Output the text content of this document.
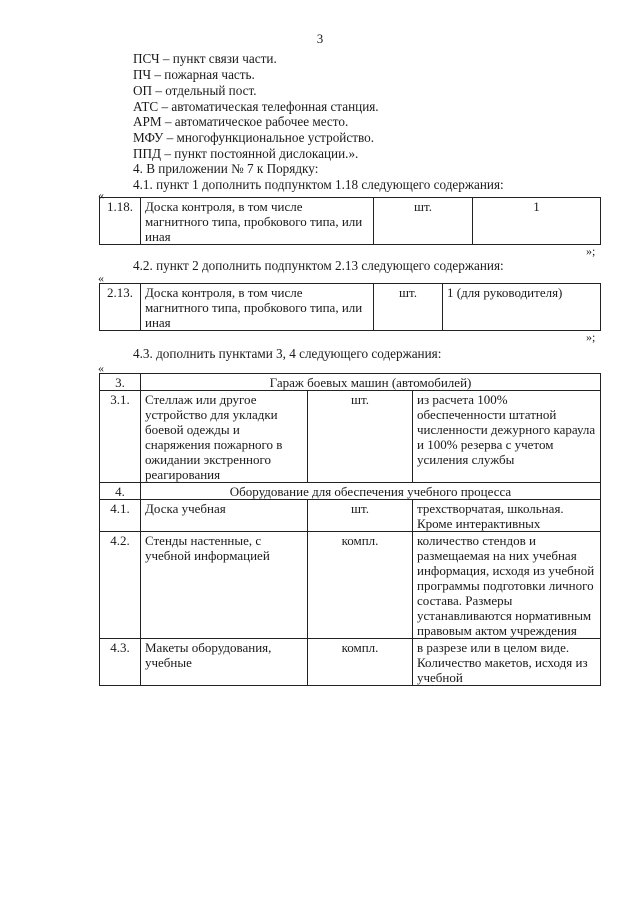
3
ПСЧ – пункт связи части.
ПЧ – пожарная часть.
ОП – отдельный пост.
АТС – автоматическая телефонная станция.
АРМ – автоматическое рабочее место.
МФУ – многофункциональное устройство.
ППД – пункт постоянной дислокации.».
4. В приложении № 7 к Порядку:
4.1. пункт 1 дополнить подпунктом 1.18 следующего содержания:
«
1.18.	Доска контроля, в том числе магнитного типа, пробкового типа, или иная	шт.	1
»;
4.2. пункт 2 дополнить подпунктом 2.13 следующего содержания:
«
2.13.	Доска контроля, в том числе магнитного типа, пробкового типа, или иная	шт.	1 (для руководителя)
»;
4.3. дополнить пунктами 3, 4 следующего содержания:
«
3.	Гараж боевых машин (автомобилей)		
3.1.	Стеллаж или другое устройство для укладки боевой одежды и снаряжения пожарного в ожидании экстренного реагирования	шт.	из расчета 100% обеспеченности штатной численности дежурного караула и 100% резерва с учетом усиления службы
4.	Оборудование для обеспечения учебного процесса		
4.1.	Доска учебная	шт.	трехстворчатая, школьная. Кроме интерактивных
4.2.	Стенды настенные, с учебной информацией	компл.	количество стендов и размещаемая на них учебная информация, исходя из учебной программы подготовки личного состава. Размеры устанавливаются нормативным правовым актом учреждения
4.3.	Макеты оборудования, учебные	компл.	в разрезе или в целом виде. Количество макетов, исходя из учебной
